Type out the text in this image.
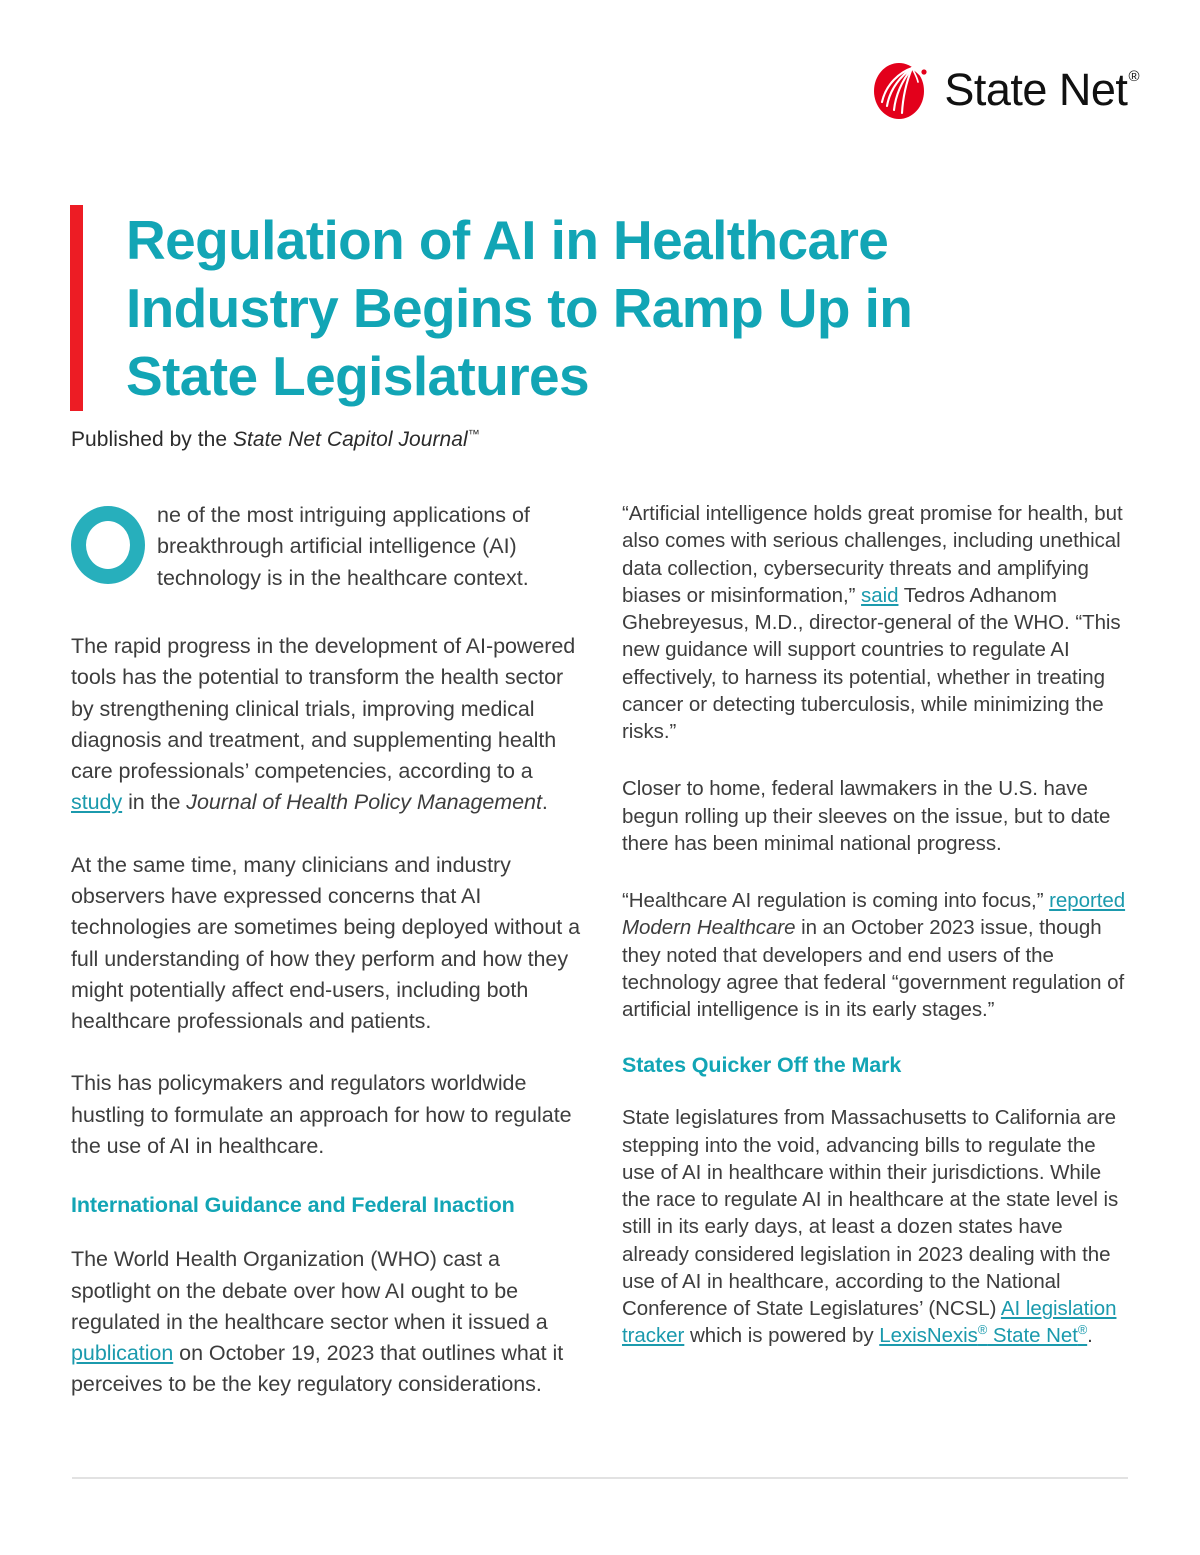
State Net®
Regulation of AI in Healthcare Industry Begins to Ramp Up in State Legislatures
Published by the State Net Capitol Journal™

ne of the most intriguing applications of breakthrough artificial intelligence (AI) technology is in the healthcare context.

The rapid progress in the development of AI-powered tools has the potential to transform the health sector by strengthening clinical trials, improving medical diagnosis and treatment, and supplementing health care professionals’ competencies, according to a study in the Journal of Health Policy Management.

At the same time, many clinicians and industry observers have expressed concerns that AI technologies are sometimes being deployed without a full understanding of how they perform and how they might potentially affect end-users, including both healthcare professionals and patients.

This has policymakers and regulators worldwide hustling to formulate an approach for how to regulate the use of AI in healthcare.

International Guidance and Federal Inaction

The World Health Organization (WHO) cast a spotlight on the debate over how AI ought to be regulated in the healthcare sector when it issued a publication on October 19, 2023 that outlines what it perceives to be the key regulatory considerations.

“Artificial intelligence holds great promise for health, but also comes with serious challenges, including unethical data collection, cybersecurity threats and amplifying biases or misinformation,” said Tedros Adhanom Ghebreyesus, M.D., director-general of the WHO. “This new guidance will support countries to regulate AI effectively, to harness its potential, whether in treating cancer or detecting tuberculosis, while minimizing the risks.”

Closer to home, federal lawmakers in the U.S. have begun rolling up their sleeves on the issue, but to date there has been minimal national progress.

“Healthcare AI regulation is coming into focus,” reported Modern Healthcare in an October 2023 issue, though they noted that developers and end users of the technology agree that federal “government regulation of artificial intelligence is in its early stages.”

States Quicker Off the Mark

State legislatures from Massachusetts to California are stepping into the void, advancing bills to regulate the use of AI in healthcare within their jurisdictions. While the race to regulate AI in healthcare at the state level is still in its early days, at least a dozen states have already considered legislation in 2023 dealing with the use of AI in healthcare, according to the National Conference of State Legislatures’ (NCSL) AI legislation tracker which is powered by LexisNexis® State Net®.
